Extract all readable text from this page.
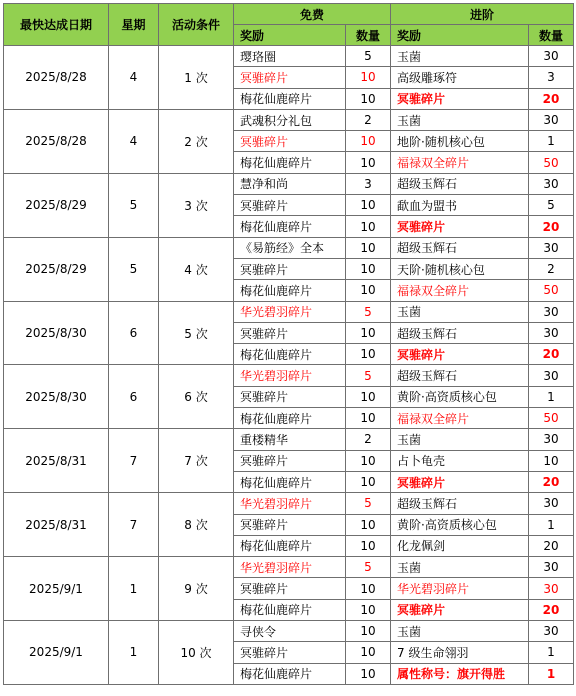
最快达成日期	星期	活动条件	免费		进阶	
			奖励	数量	奖励	数量
2025/8/28	4	1 次	璎珞圈	5	玉菌	30
			冥骓碎片	10	高级雕琢符	3
			梅花仙鹿碎片	10	冥骓碎片	20
2025/8/28	4	2 次	武魂积分礼包	2	玉菌	30
			冥骓碎片	10	地阶·随机核心包	1
			梅花仙鹿碎片	10	福禄双全碎片	50
2025/8/29	5	3 次	慧净和尚	3	超级玉辉石	30
			冥骓碎片	10	歃血为盟书	5
			梅花仙鹿碎片	10	冥骓碎片	20
2025/8/29	5	4 次	《易筋经》全本	10	超级玉辉石	30
			冥骓碎片	10	天阶·随机核心包	2
			梅花仙鹿碎片	10	福禄双全碎片	50
2025/8/30	6	5 次	华光碧羽碎片	5	玉菌	30
			冥骓碎片	10	超级玉辉石	30
			梅花仙鹿碎片	10	冥骓碎片	20
2025/8/30	6	6 次	华光碧羽碎片	5	超级玉辉石	30
			冥骓碎片	10	黄阶·高资质核心包	1
			梅花仙鹿碎片	10	福禄双全碎片	50
2025/8/31	7	7 次	重楼精华	2	玉菌	30
			冥骓碎片	10	占卜龟壳	10
			梅花仙鹿碎片	10	冥骓碎片	20
2025/8/31	7	8 次	华光碧羽碎片	5	超级玉辉石	30
			冥骓碎片	10	黄阶·高资质核心包	1
			梅花仙鹿碎片	10	化龙佩剑	20
2025/9/1	1	9 次	华光碧羽碎片	5	玉菌	30
			冥骓碎片	10	华光碧羽碎片	30
			梅花仙鹿碎片	10	冥骓碎片	20
2025/9/1	1	10 次	寻侠令	10	玉菌	30
			冥骓碎片	10	7 级生命翎羽	1
			梅花仙鹿碎片	10	属性称号：旗开得胜	1
